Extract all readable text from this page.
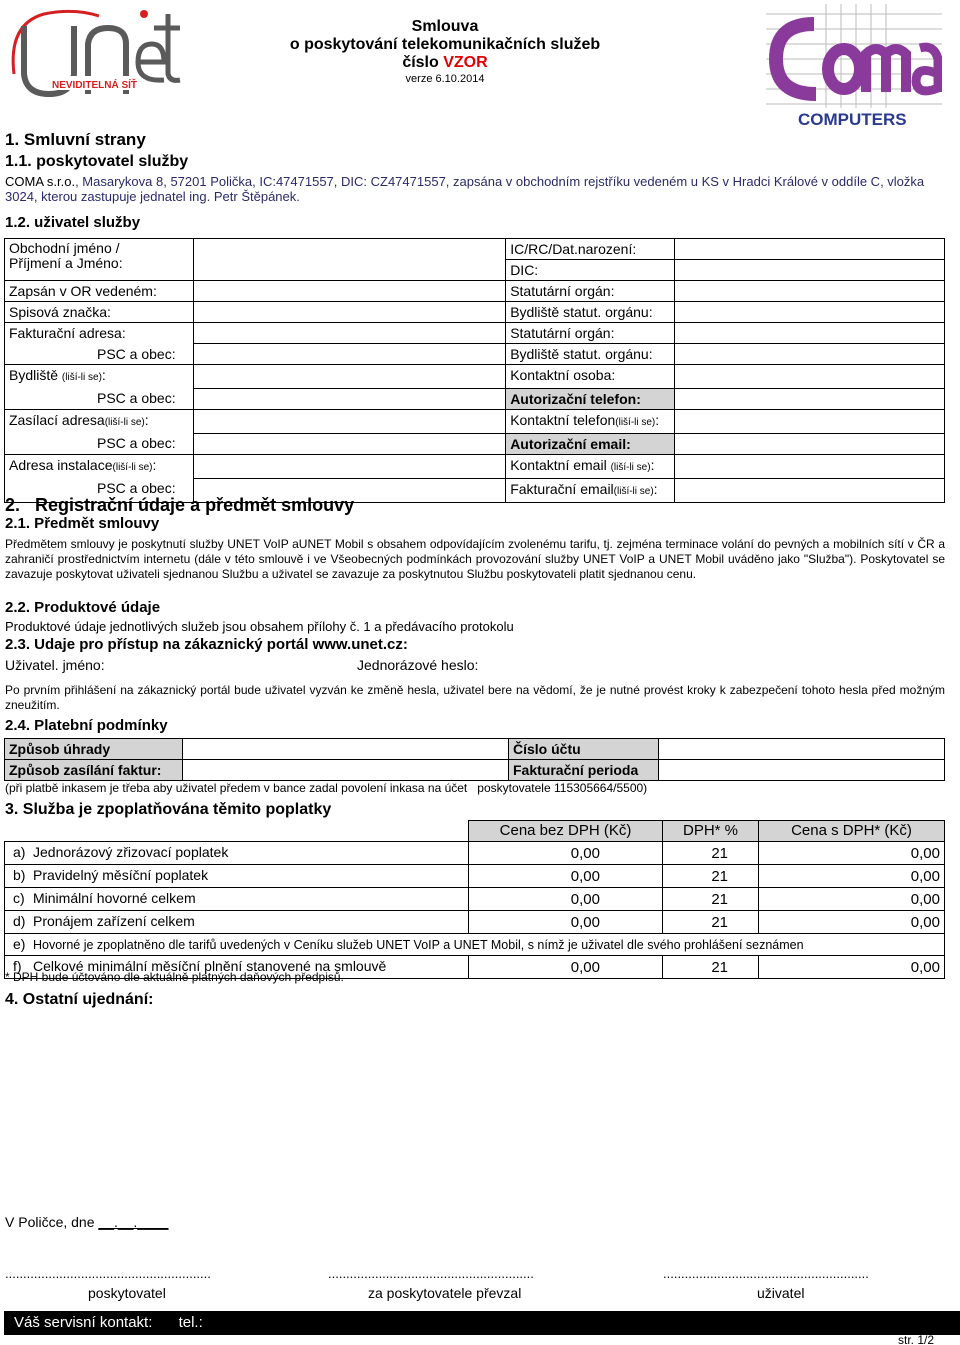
NEVIDITELNÁ SÍŤ
Smlouva
o poskytování telekomunikačních služeb
číslo VZOR
verze 6.10.2014
COMPUTERS
1. Smluvní strany
1.1. poskytovatel služby
COMA s.r.o., Masarykova 8, 57201 Polička, IC:47471557, DIC: CZ47471557, zapsána v obchodním rejstříku vedeném u KS v Hradci Králové v oddíle C, vložka 3024, kterou zastupuje jednatel ing. Petr Štěpánek.
1.2. uživatel služby
Obchodní jméno /
Příjmení a Jméno:		IC/RC/Dat.narození:	
		DIC:	
Zapsán v OR vedeném:		Statutární orgán:	
Spisová značka:		Bydliště statut. orgánu:	
Fakturační adresa:		Statutární orgán:	
PSC a obec:		Bydliště statut. orgánu:	
Bydliště (liší-li se):		Kontaktní osoba:	
PSC a obec:		Autorizační telefon:	
Zasílací adresa(liší-li se):		Kontaktní telefon(liší-li se):	
PSC a obec:		Autorizační email:	
Adresa instalace(liší-li se):		Kontaktní email (liší-li se):	
PSC a obec:		Fakturační email(liší-li se):	
2.   Registrační údaje a předmět smlouvy
2.1. Předmět smlouvy
Předmětem smlouvy je poskytnutí služby UNET VoIP aUNET Mobil s obsahem odpovídajícím zvolenému tarifu, tj. zejména terminace volání do pevných a mobilních sítí v ČR a zahraničí prostřednictvím internetu (dále v této smlouvě i ve Všeobecných podmínkách provozování služby UNET VoIP a UNET Mobil uváděno jako "Služba"). Poskytovatel se zavazuje poskytovat uživateli sjednanou Službu a uživatel se zavazuje za poskytnutou Službu poskytovateli platit sjednanou cenu.
2.2. Produktové údaje
Produktové údaje jednotlivých služeb jsou obsahem přílohy č. 1 a předávacího protokolu
2.3. Udaje pro přístup na zákaznický portál www.unet.cz:
Uživatel. jméno:	Jednorázové heslo:
Po prvním přihlášení na zákaznický portál bude uživatel vyzván ke změně hesla, uživatel bere na vědomí, že je nutné provést kroky k zabezpečení tohoto hesla před možným zneužitím.
2.4. Platební podmínky
Způsob úhrady		Číslo účtu	
Způsob zasílání faktur:		Fakturační perioda	
(při platbě inkasem je třeba aby uživatel předem v bance zadal povolení inkasa na účet   poskytovatele 115305664/5500)
3. Služba je zpoplatňována těmito poplatky
	Cena bez DPH (Kč)	DPH* %	Cena s DPH* (Kč)
a) Jednorázový zřizovací poplatek	0,00	21	0,00
b) Pravidelný měsíční poplatek	0,00	21	0,00
c) Minimální hovorné celkem	0,00	21	0,00
d) Pronájem zařízení celkem	0,00	21	0,00
e) Hovorné je zpoplatněno dle tarifů uvedených v Ceníku služeb UNET VoIP a UNET Mobil, s nímž je uživatel dle svého prohlášení seznámen			
f) Celkové minimální měsíční plnění stanovené na smlouvě	0,00	21	0,00
* DPH bude účtováno dle aktuálně platných daňových předpisů.
4. Ostatní ujednání:
V Poličce, dne __.__.____
.........................................................	.........................................................	.........................................................
poskytovatel	za poskytovatele převzal	uživatel
Váš servisní kontakt: tel.:
str. 1/2
